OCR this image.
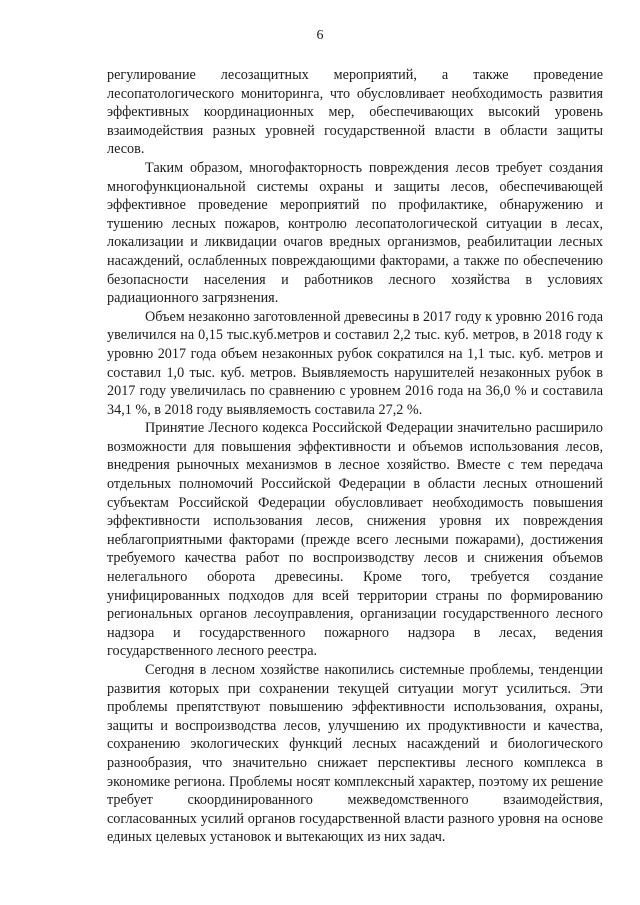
6

регулирование лесозащитных мероприятий, а также проведение лесопатологического мониторинга, что обусловливает необходимость развития эффективных координационных мер, обеспечивающих высокий уровень взаимодействия разных уровней государственной власти в области защиты лесов.

Таким образом, многофакторность повреждения лесов требует создания многофункциональной системы охраны и защиты лесов, обеспечивающей эффективное проведение мероприятий по профилактике, обнаружению и тушению лесных пожаров, контролю лесопатологической ситуации в лесах, локализации и ликвидации очагов вредных организмов, реабилитации лесных насаждений, ослабленных повреждающими факторами, а также по обеспечению безопасности населения и работников лесного хозяйства в условиях радиационного загрязнения.

Объем незаконно заготовленной древесины в 2017 году к уровню 2016 года увеличился на 0,15 тыс.куб.метров и составил 2,2 тыс. куб. метров, в 2018 году к уровню 2017 года объем незаконных рубок сократился на 1,1 тыс. куб. метров и составил 1,0 тыс. куб. метров. Выявляемость нарушителей незаконных рубок в 2017 году увеличилась по сравнению с уровнем 2016 года на 36,0 % и составила 34,1 %, в 2018 году выявляемость составила 27,2 %.

Принятие Лесного кодекса Российской Федерации значительно расширило возможности для повышения эффективности и объемов использования лесов, внедрения рыночных механизмов в лесное хозяйство. Вместе с тем передача отдельных полномочий Российской Федерации в области лесных отношений субъектам Российской Федерации обусловливает необходимость повышения эффективности использования лесов, снижения уровня их повреждения неблагоприятными факторами (прежде всего лесными пожарами), достижения требуемого качества работ по воспроизводству лесов и снижения объемов нелегального оборота древесины. Кроме того, требуется создание унифицированных подходов для всей территории страны по формированию региональных органов лесоуправления, организации государственного лесного надзора и государственного пожарного надзора в лесах, ведения государственного лесного реестра.

Сегодня в лесном хозяйстве накопились системные проблемы, тенденции развития которых при сохранении текущей ситуации могут усилиться. Эти проблемы препятствуют повышению эффективности использования, охраны, защиты и воспроизводства лесов, улучшению их продуктивности и качества, сохранению экологических функций лесных насаждений и биологического разнообразия, что значительно снижает перспективы лесного комплекса в экономике региона. Проблемы носят комплексный характер, поэтому их решение требует скоординированного межведомственного взаимодействия, согласованных усилий органов государственной власти разного уровня на основе единых целевых установок и вытекающих из них задач.
